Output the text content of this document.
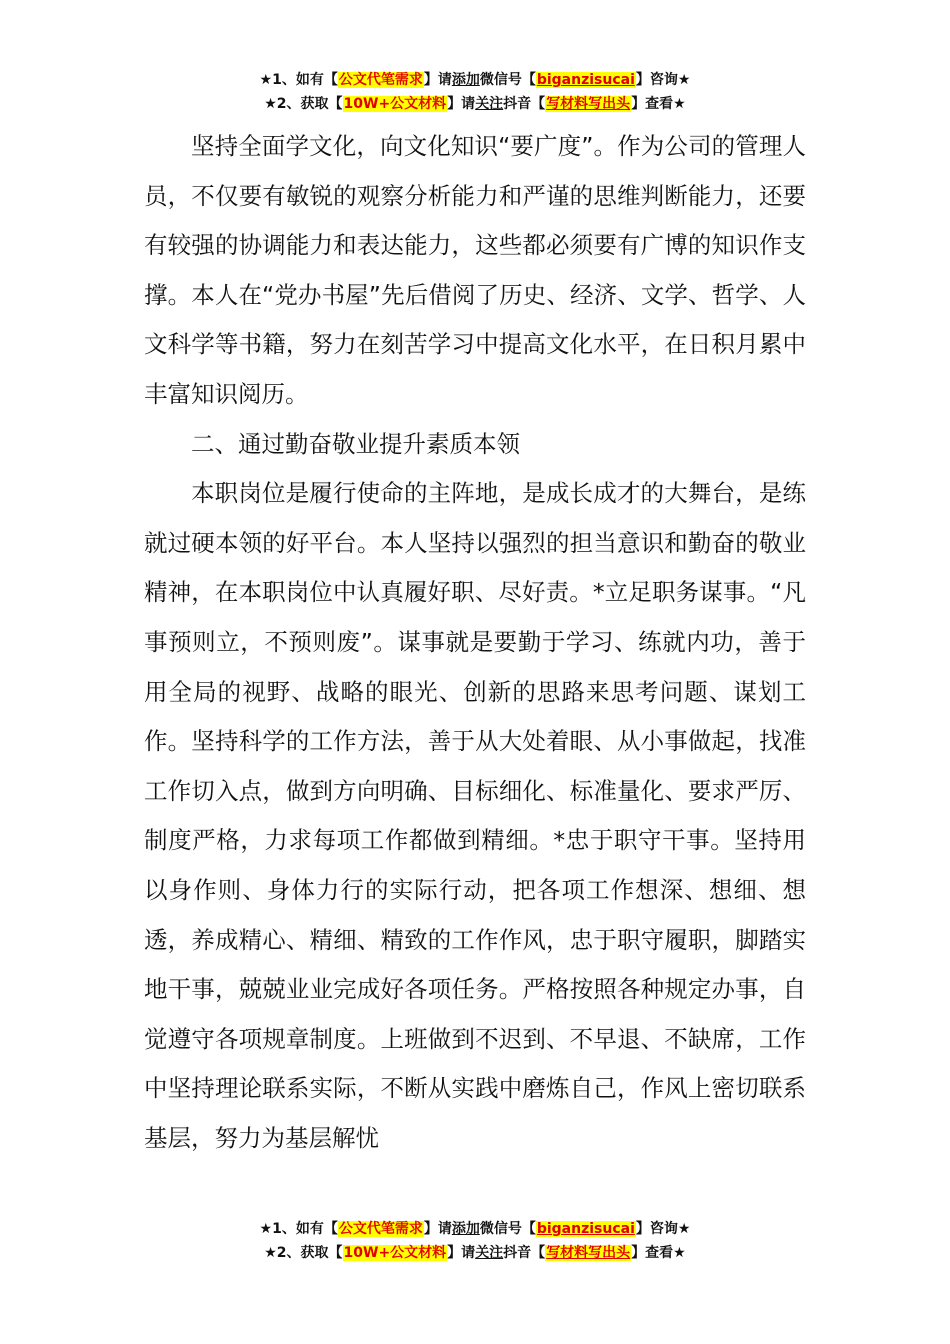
★1、如有【公文代笔需求】请添加微信号【biganzisucai】咨询★
★2、获取【10W+公文材料】请关注抖音【写材料写出头】查看★

坚持全面学文化，向文化知识“要广度”。作为公司的管理人员，不仅要有敏锐的观察分析能力和严谨的思维判断能力，还要有较强的协调能力和表达能力，这些都必须要有广博的知识作支撑。本人在“党办书屋”先后借阅了历史、经济、文学、哲学、人文科学等书籍，努力在刻苦学习中提高文化水平，在日积月累中丰富知识阅历。

二、通过勤奋敬业提升素质本领

本职岗位是履行使命的主阵地，是成长成才的大舞台，是练就过硬本领的好平台。本人坚持以强烈的担当意识和勤奋的敬业精神，在本职岗位中认真履好职、尽好责。*立足职务谋事。“凡事预则立，不预则废”。谋事就是要勤于学习、练就内功，善于用全局的视野、战略的眼光、创新的思路来思考问题、谋划工作。坚持科学的工作方法，善于从大处着眼、从小事做起，找准工作切入点，做到方向明确、目标细化、标准量化、要求严厉、制度严格，力求每项工作都做到精细。*忠于职守干事。坚持用以身作则、身体力行的实际行动，把各项工作想深、想细、想透，养成精心、精细、精致的工作作风，忠于职守履职，脚踏实地干事，兢兢业业完成好各项任务。严格按照各种规定办事，自觉遵守各项规章制度。上班做到不迟到、不早退、不缺席，工作中坚持理论联系实际，不断从实践中磨炼自己，作风上密切联系基层，努力为基层解忧

★1、如有【公文代笔需求】请添加微信号【biganzisucai】咨询★
★2、获取【10W+公文材料】请关注抖音【写材料写出头】查看★
